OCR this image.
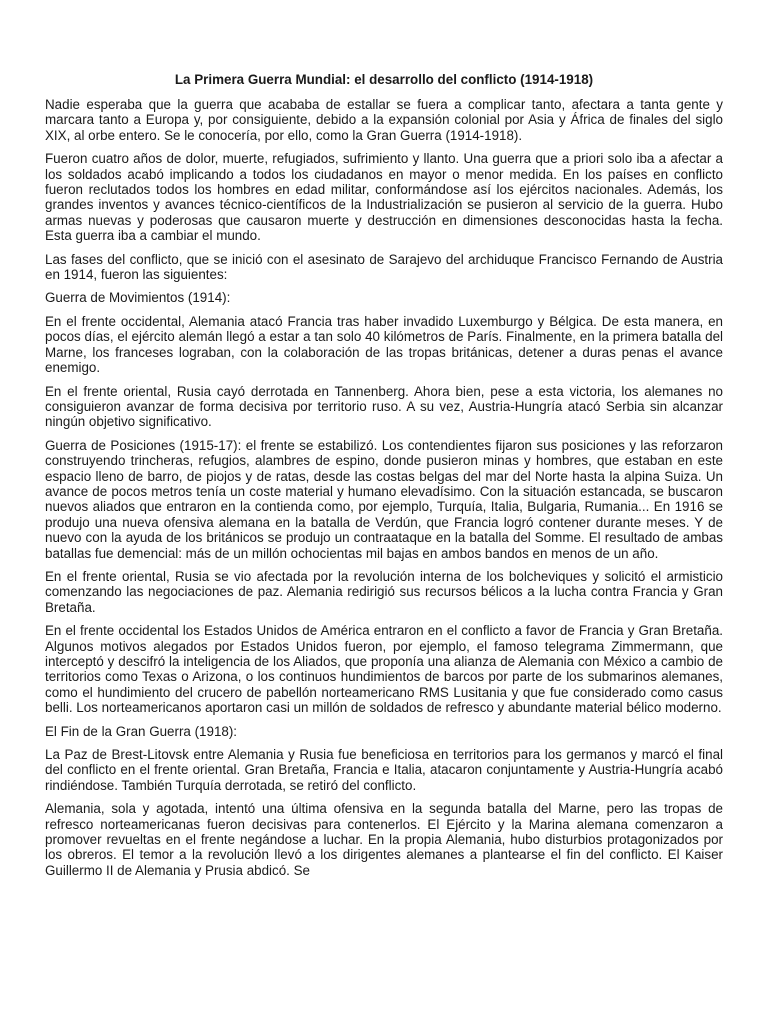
La Primera Guerra Mundial: el desarrollo del conflicto (1914-1918)

Nadie esperaba que la guerra que acababa de estallar se fuera a complicar tanto, afectara a tanta gente y marcara tanto a Europa y, por consiguiente, debido a la expansión colonial por Asia y África de finales del siglo XIX, al orbe entero. Se le conocería, por ello, como la Gran Guerra (1914-1918).

Fueron cuatro años de dolor, muerte, refugiados, sufrimiento y llanto. Una guerra que a priori solo iba a afectar a los soldados acabó implicando a todos los ciudadanos en mayor o menor medida. En los países en conflicto fueron reclutados todos los hombres en edad militar, conformándose así los ejércitos nacionales. Además, los grandes inventos y avances técnico-científicos de la Industrialización se pusieron al servicio de la guerra. Hubo armas nuevas y poderosas que causaron muerte y destrucción en dimensiones desconocidas hasta la fecha. Esta guerra iba a cambiar el mundo.

Las fases del conflicto, que se inició con el asesinato de Sarajevo del archiduque Francisco Fernando de Austria en 1914, fueron las siguientes:

Guerra de Movimientos (1914):

En el frente occidental, Alemania atacó Francia tras haber invadido Luxemburgo y Bélgica. De esta manera, en pocos días, el ejército alemán llegó a estar a tan solo 40 kilómetros de París. Finalmente, en la primera batalla del Marne, los franceses lograban, con la colaboración de las tropas británicas, detener a duras penas el avance enemigo.

En el frente oriental, Rusia cayó derrotada en Tannenberg. Ahora bien, pese a esta victoria, los alemanes no consiguieron avanzar de forma decisiva por territorio ruso. A su vez, Austria-Hungría atacó Serbia sin alcanzar ningún objetivo significativo.

Guerra de Posiciones (1915-17): el frente se estabilizó. Los contendientes fijaron sus posiciones y las reforzaron construyendo trincheras, refugios, alambres de espino, donde pusieron minas y hombres, que estaban en este espacio lleno de barro, de piojos y de ratas, desde las costas belgas del mar del Norte hasta la alpina Suiza. Un avance de pocos metros tenía un coste material y humano elevadísimo. Con la situación estancada, se buscaron nuevos aliados que entraron en la contienda como, por ejemplo, Turquía, Italia, Bulgaria, Rumania... En 1916 se produjo una nueva ofensiva alemana en la batalla de Verdún, que Francia logró contener durante meses. Y de nuevo con la ayuda de los británicos se produjo un contraataque en la batalla del Somme. El resultado de ambas batallas fue demencial: más de un millón ochocientas mil bajas en ambos bandos en menos de un año.

En el frente oriental, Rusia se vio afectada por la revolución interna de los bolcheviques y solicitó el armisticio comenzando las negociaciones de paz. Alemania redirigió sus recursos bélicos a la lucha contra Francia y Gran Bretaña.

En el frente occidental los Estados Unidos de América entraron en el conflicto a favor de Francia y Gran Bretaña. Algunos motivos alegados por Estados Unidos fueron, por ejemplo, el famoso telegrama Zimmermann, que interceptó y descifró la inteligencia de los Aliados, que proponía una alianza de Alemania con México a cambio de territorios como Texas o Arizona, o los continuos hundimientos de barcos por parte de los submarinos alemanes, como el hundimiento del crucero de pabellón norteamericano RMS Lusitania y que fue considerado como casus belli. Los norteamericanos aportaron casi un millón de soldados de refresco y abundante material bélico moderno.

El Fin de la Gran Guerra (1918):

La Paz de Brest-Litovsk entre Alemania y Rusia fue beneficiosa en territorios para los germanos y marcó el final del conflicto en el frente oriental. Gran Bretaña, Francia e Italia, atacaron conjuntamente y Austria-Hungría acabó rindiéndose. También Turquía derrotada, se retiró del conflicto.

Alemania, sola y agotada, intentó una última ofensiva en la segunda batalla del Marne, pero las tropas de refresco norteamericanas fueron decisivas para contenerlos. El Ejército y la Marina alemana comenzaron a promover revueltas en el frente negándose a luchar. En la propia Alemania, hubo disturbios protagonizados por los obreros. El temor a la revolución llevó a los dirigentes alemanes a plantearse el fin del conflicto. El Kaiser Guillermo II de Alemania y Prusia abdicó. Se
